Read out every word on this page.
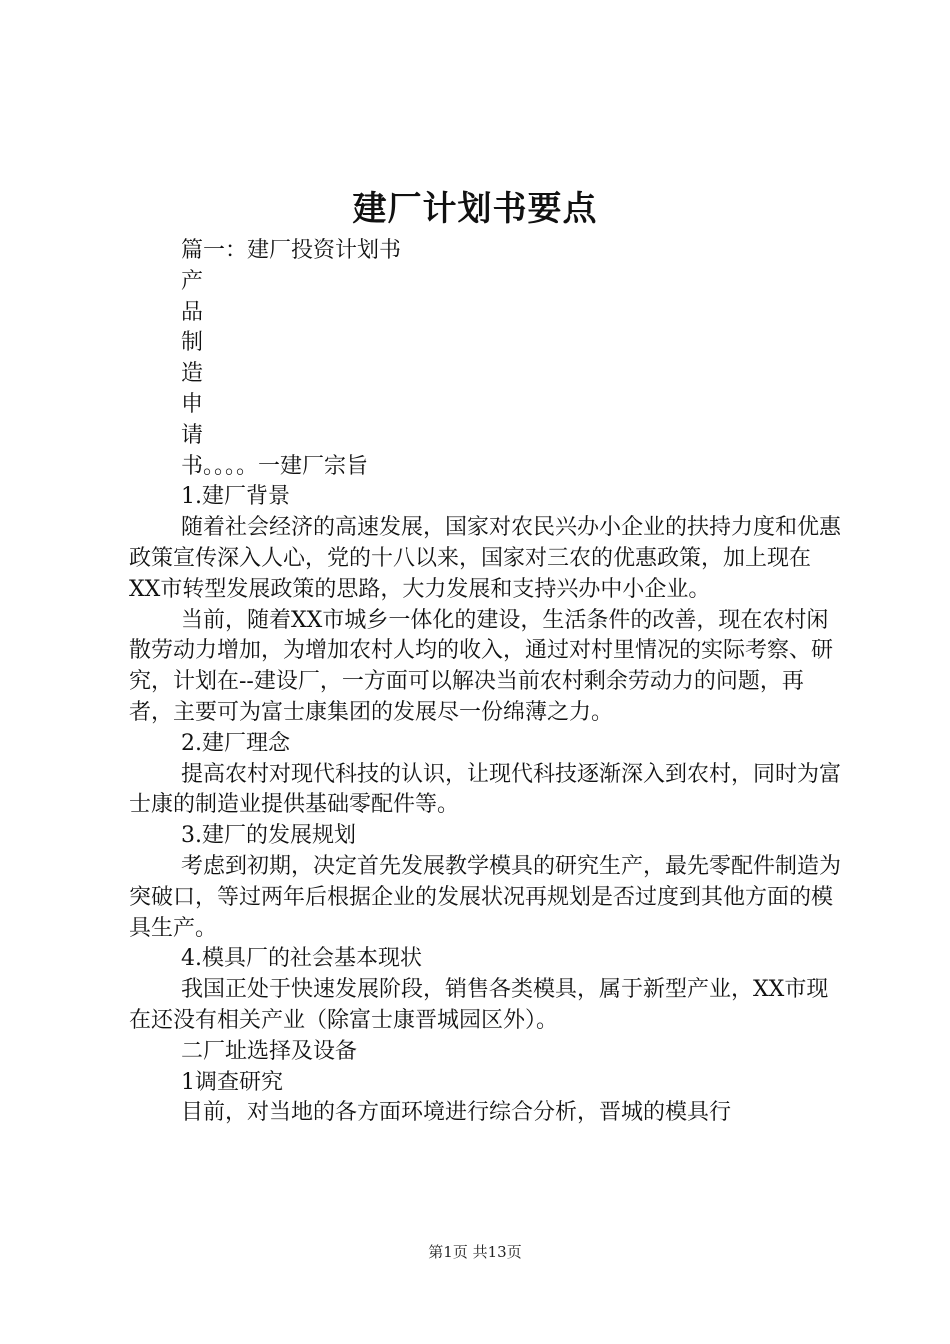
建厂计划书要点

篇一：建厂投资计划书

产
品
制
造
申
请

书。。。。一建厂宗旨

1.建厂背景

随着社会经济的高速发展，国家对农民兴办小企业的扶持力度和优惠政策宣传深入人心，党的十八以来，国家对三农的优惠政策，加上现在XX市转型发展政策的思路，大力发展和支持兴办中小企业。

当前，随着XX市城乡一体化的建设，生活条件的改善，现在农村闲散劳动力增加，为增加农村人均的收入，通过对村里情况的实际考察、研究，计划在--建设厂，一方面可以解决当前农村剩余劳动力的问题，再者，主要可为富士康集团的发展尽一份绵薄之力。

2.建厂理念

提高农村对现代科技的认识，让现代科技逐渐深入到农村，同时为富士康的制造业提供基础零配件等。

3.建厂的发展规划

考虑到初期，决定首先发展教学模具的研究生产，最先零配件制造为突破口，等过两年后根据企业的发展状况再规划是否过度到其他方面的模具生产。

4.模具厂的社会基本现状

我国正处于快速发展阶段，销售各类模具，属于新型产业，XX市现在还没有相关产业（除富士康晋城园区外）。

二厂址选择及设备

1调查研究

目前，对当地的各方面环境进行综合分析，晋城的模具行

第1页 共13页
